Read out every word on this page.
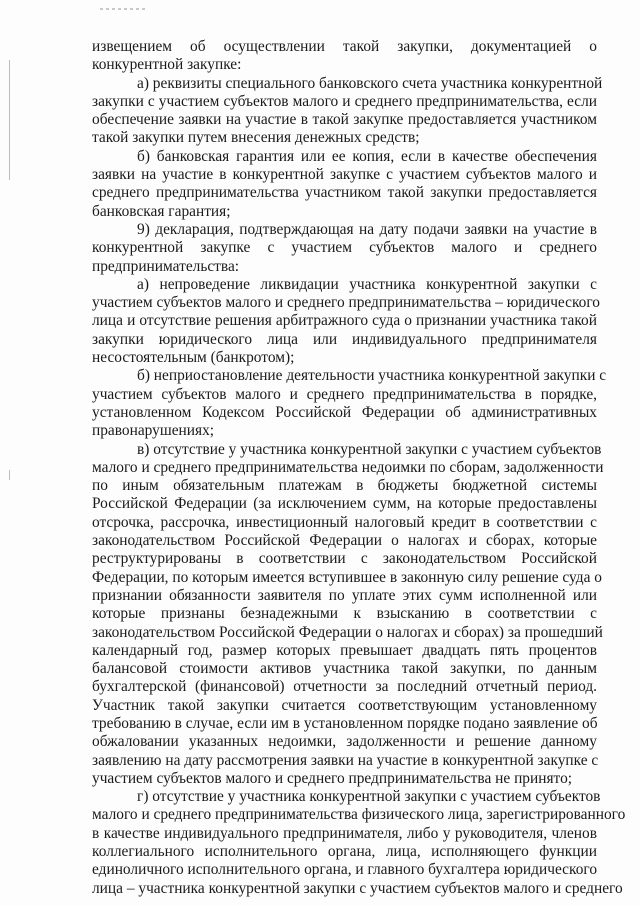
извещением об осуществлении такой закупки, документацией о
конкурентной закупке:
а) реквизиты специального банковского счета участника конкурентной
закупки с участием субъектов малого и среднего предпринимательства, если
обеспечение заявки на участие в такой закупке предоставляется участником
такой закупки путем внесения денежных средств;
б) банковская гарантия или ее копия, если в качестве обеспечения
заявки на участие в конкурентной закупке с участием субъектов малого и
среднего предпринимательства участником такой закупки предоставляется
банковская гарантия;
9) декларация, подтверждающая на дату подачи заявки на участие в
конкурентной закупке с участием субъектов малого и среднего
предпринимательства:
а) непроведение ликвидации участника конкурентной закупки с
участием субъектов малого и среднего предпринимательства – юридического
лица и отсутствие решения арбитражного суда о признании участника такой
закупки юридического лица или индивидуального предпринимателя
несостоятельным (банкротом);
б) неприостановление деятельности участника конкурентной закупки с
участием субъектов малого и среднего предпринимательства в порядке,
установленном Кодексом Российской Федерации об административных
правонарушениях;
в) отсутствие у участника конкурентной закупки с участием субъектов
малого и среднего предпринимательства недоимки по сборам, задолженности
по иным обязательным платежам в бюджеты бюджетной системы
Российской Федерации (за исключением сумм, на которые предоставлены
отсрочка, рассрочка, инвестиционный налоговый кредит в соответствии с
законодательством Российской Федерации о налогах и сборах, которые
реструктурированы в соответствии с законодательством Российской
Федерации, по которым имеется вступившее в законную силу решение суда о
признании обязанности заявителя по уплате этих сумм исполненной или
которые признаны безнадежными к взысканию в соответствии с
законодательством Российской Федерации о налогах и сборах) за прошедший
календарный год, размер которых превышает двадцать пять процентов
балансовой стоимости активов участника такой закупки, по данным
бухгалтерской (финансовой) отчетности за последний отчетный период.
Участник такой закупки считается соответствующим установленному
требованию в случае, если им в установленном порядке подано заявление об
обжаловании указанных недоимки, задолженности и решение данному
заявлению на дату рассмотрения заявки на участие в конкурентной закупке с
участием субъектов малого и среднего предпринимательства не принято;
г) отсутствие у участника конкурентной закупки с участием субъектов
малого и среднего предпринимательства физического лица, зарегистрированного
в качестве индивидуального предпринимателя, либо у руководителя, членов
коллегиального исполнительного органа, лица, исполняющего функции
единоличного исполнительного органа, и главного бухгалтера юридического
лица – участника конкурентной закупки с участием субъектов малого и среднего
